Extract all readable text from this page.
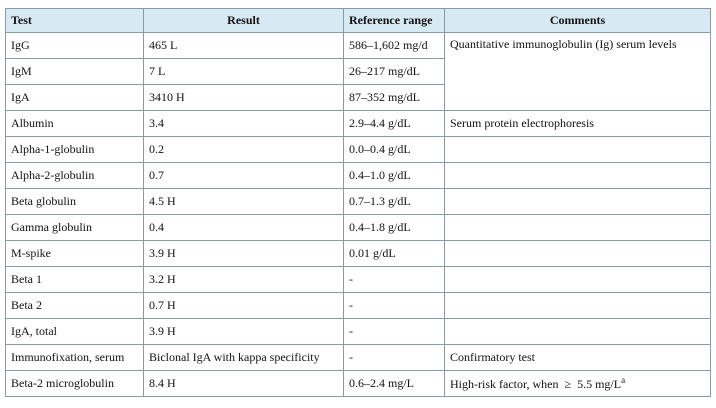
Test	Result	Reference range	Comments
IgG	465 L	586–1,602 mg/d	Quantitative immunoglobulin (Ig) serum levels
IgM	7 L	26–217 mg/dL	
IgA	3410 H	87–352 mg/dL	
Albumin	3.4	2.9–4.4 g/dL	Serum protein electrophoresis
Alpha-1-globulin	0.2	0.0–0.4 g/dL	
Alpha-2-globulin	0.7	0.4–1.0 g/dL	
Beta globulin	4.5 H	0.7–1.3 g/dL	
Gamma globulin	0.4	0.4–1.8 g/dL	
M-spike	3.9 H	0.01 g/dL	
Beta 1	3.2 H	-	
Beta 2	0.7 H	-	
IgA, total	3.9 H	-	
Immunofixation, serum	Biclonal IgA with kappa specificity	-	Confirmatory test
Beta-2 microglobulin	8.4 H	0.6–2.4 mg/L	High-risk factor, when  ≥  5.5 $mg/L^a$
